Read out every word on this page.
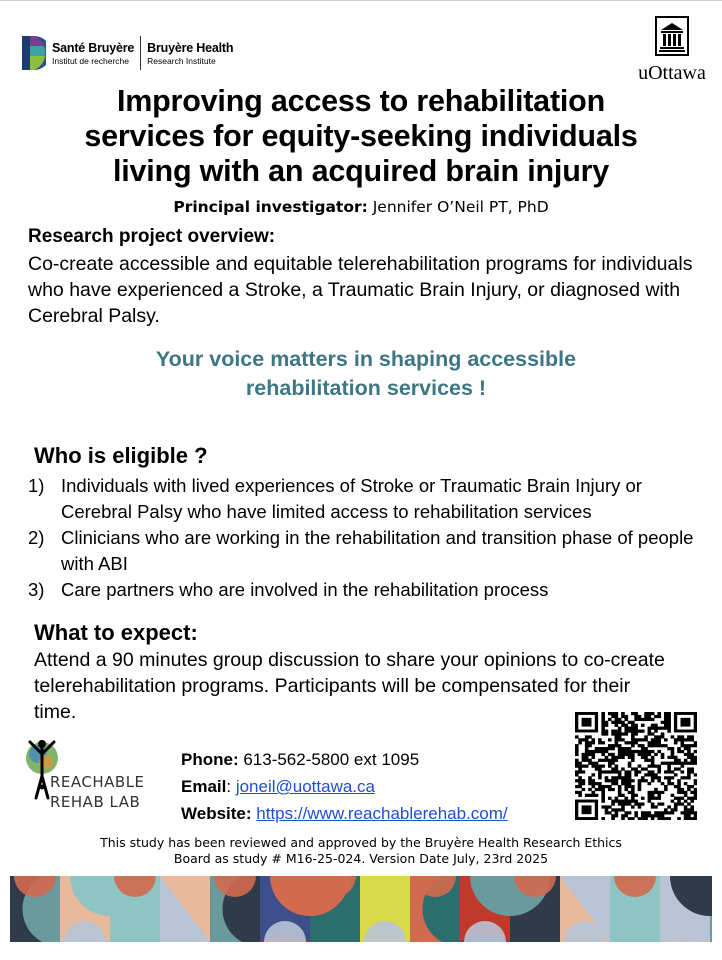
Santé Bruyère
Institut de recherche
Bruyère Health
Research Institute
uOttawa
Improving access to rehabilitation
services for equity-seeking individuals
living with an acquired brain injury
Principal investigator: Jennifer O’Neil PT, PhD
Research project overview:
Co-create accessible and equitable telerehabilitation programs for individuals who have experienced a Stroke, a Traumatic Brain Injury, or diagnosed with Cerebral Palsy.
Your voice matters in shaping accessible
rehabilitation services !
Who is eligible ?
1) Individuals with lived experiences of Stroke or Traumatic Brain Injury or Cerebral Palsy who have limited access to rehabilitation services
2) Clinicians who are working in the rehabilitation and transition phase of people with ABI
3) Care partners who are involved in the rehabilitation process
What to expect:
Attend a 90 minutes group discussion to share your opinions to co-create telerehabilitation programs. Participants will be compensated for their time.
REACHABLE
REHAB LAB
Phone: 613-562-5800 ext 1095
Email: joneil@uottawa.ca
Website: https://www.reachablerehab.com/
This study has been reviewed and approved by the Bruyère Health Research Ethics
Board as study # M16-25-024. Version Date July, 23rd 2025
